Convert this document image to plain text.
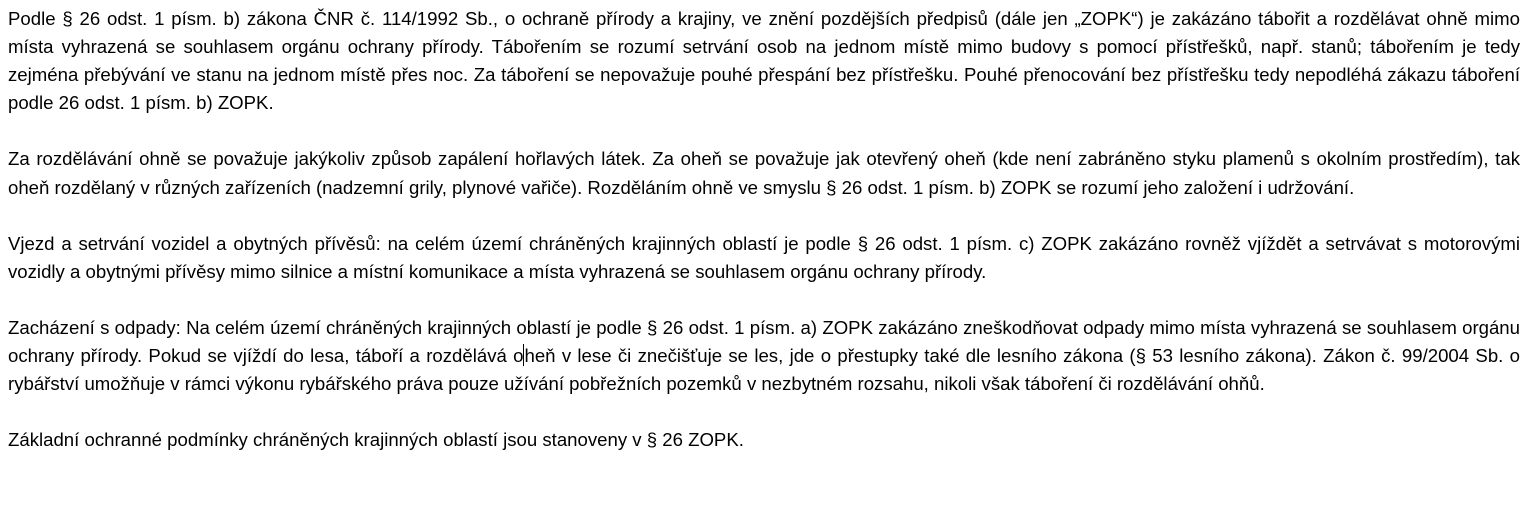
Podle § 26 odst. 1 písm. b) zákona ČNR č. 114/1992 Sb., o ochraně přírody a krajiny, ve znění pozdějších předpisů (dále jen „ZOPK“) je zakázáno tábořit a rozdělávat ohně mimo místa vyhrazená se souhlasem orgánu ochrany přírody. Tábořením se rozumí setrvání osob na jednom místě mimo budovy s pomocí přístřešků, např. stanů; tábořením je tedy zejména přebývání ve stanu na jednom místě přes noc. Za táboření se nepovažuje pouhé přespání bez přístřešku. Pouhé přenocování bez přístřešku tedy nepodléhá zákazu táboření podle 26 odst. 1 písm. b) ZOPK.

Za rozdělávání ohně se považuje jakýkoliv způsob zapálení hořlavých látek. Za oheň se považuje jak otevřený oheň (kde není zabráněno styku plamenů s okolním prostředím), tak oheň rozdělaný v různých zařízeních (nadzemní grily, plynové vařiče). Rozděláním ohně ve smyslu § 26 odst. 1 písm. b) ZOPK se rozumí jeho založení i udržování.

Vjezd a setrvání vozidel a obytných přívěsů: na celém území chráněných krajinných oblastí je podle § 26 odst. 1 písm. c) ZOPK zakázáno rovněž vjíždět a setrvávat s motorovými vozidly a obytnými přívěsy mimo silnice a místní komunikace a místa vyhrazená se souhlasem orgánu ochrany přírody.

Zacházení s odpady: Na celém území chráněných krajinných oblastí je podle § 26 odst. 1 písm. a) ZOPK zakázáno zneškodňovat odpady mimo místa vyhrazená se souhlasem orgánu ochrany přírody. Pokud se vjíždí do lesa, táboří a rozdělává oheň v lese či znečišťuje se les, jde o přestupky také dle lesního zákona (§ 53 lesního zákona). Zákon č. 99/2004 Sb. o rybářství umožňuje v rámci výkonu rybářského práva pouze užívání pobřežních pozemků v nezbytném rozsahu, nikoli však táboření či rozdělávání ohňů.

Základní ochranné podmínky chráněných krajinných oblastí jsou stanoveny v § 26 ZOPK.
